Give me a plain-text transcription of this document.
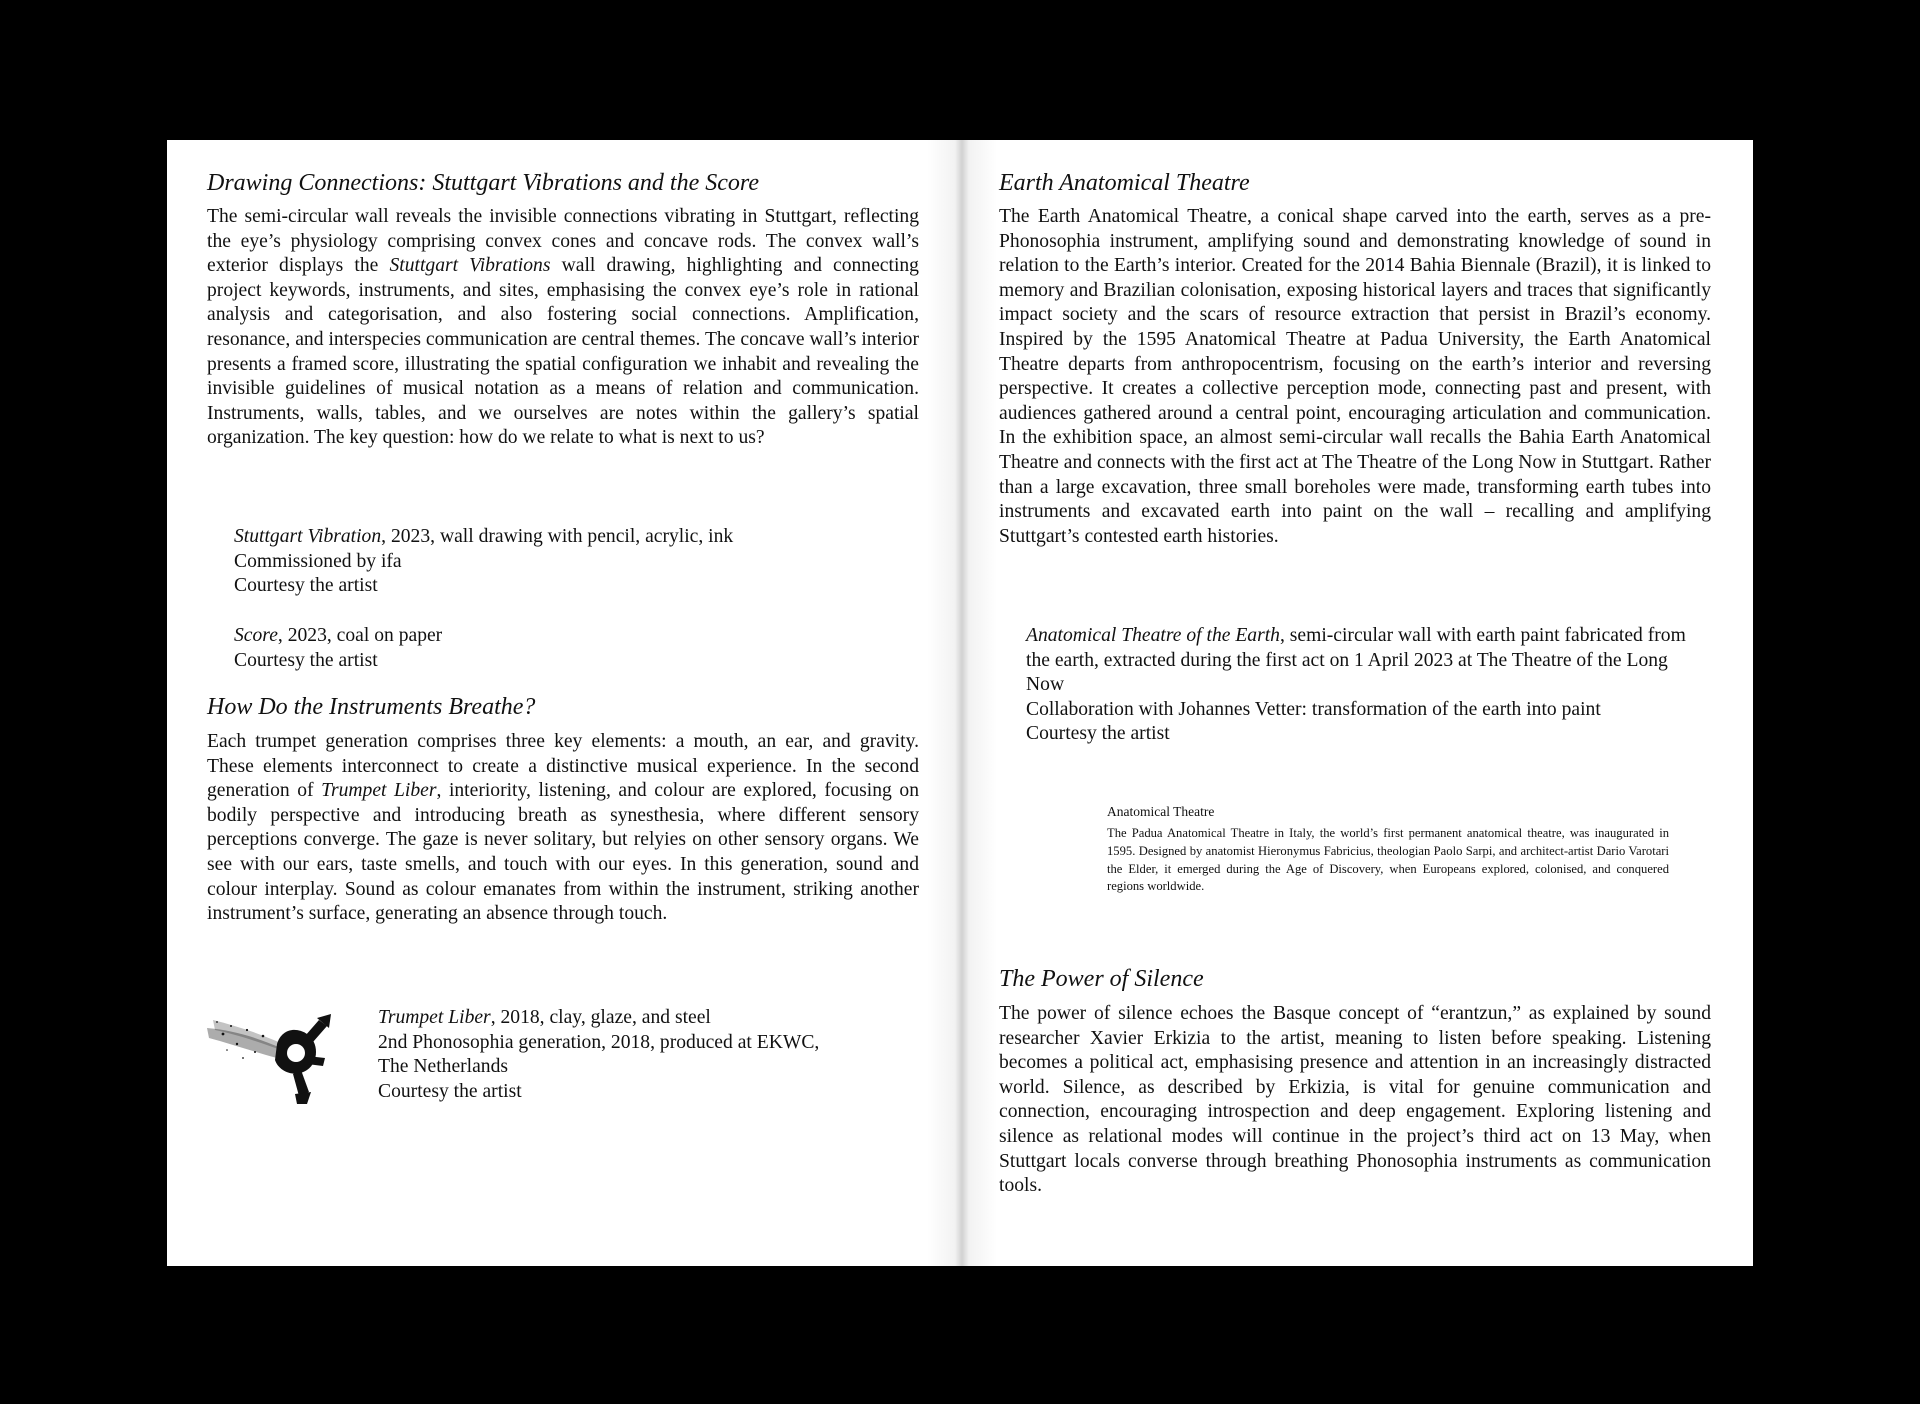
Drawing Connections: Stuttgart Vibrations and the Score

The semi-circular wall reveals the invisible connections vibrating in Stuttgart, reflecting the eye’s physiology comprising convex cones and concave rods. The convex wall’s exterior displays the Stuttgart Vibrations wall drawing, highlighting and connecting project keywords, instruments, and sites, emphasising the convex eye’s role in rational analysis and categorisation, and also fostering social connections. Amplification, resonance, and interspecies communication are central themes. The concave wall’s interior presents a framed score, illustrating the spatial configuration we inhabit and revealing the invisible guidelines of musical notation as a means of relation and communication. Instruments, walls, tables, and we ourselves are notes within the gallery’s spatial organization. The key question: how do we relate to what is next to us?

Stuttgart Vibration, 2023, wall drawing with pencil, acrylic, ink
Commissioned by ifa
Courtesy the artist
Score, 2023, coal on paper
Courtesy the artist
How Do the Instruments Breathe?

Each trumpet generation comprises three key elements: a mouth, an ear, and gravity. These elements interconnect to create a distinctive musical experience. In the second generation of Trumpet Liber, interiority, listening, and colour are explored, focusing on bodily perspective and introducing breath as synesthesia, where different sensory perceptions converge. The gaze is never solitary, but relyies on other sensory organs. We see with our ears, taste smells, and touch with our eyes. In this generation, sound and colour interplay. Sound as colour emanates from within the instrument, striking another instrument’s surface, generating an absence through touch.

Trumpet Liber, 2018, clay, glaze, and steel
2nd Phonosophia generation, 2018, produced at EKWC,
The Netherlands
Courtesy the artist
Earth Anatomical Theatre

The Earth Anatomical Theatre, a conical shape carved into the earth, serves as a pre-Phonosophia instrument, amplifying sound and demonstrating knowledge of sound in relation to the Earth’s interior. Created for the 2014 Bahia Biennale (Brazil), it is linked to memory and Brazilian colonisation, exposing historical layers and traces that significantly impact society and the scars of resource extraction that persist in Brazil’s economy. Inspired by the 1595 Anatomical Theatre at Padua University, the Earth Anatomical Theatre departs from anthropocentrism, focusing on the earth’s interior and reversing perspective. It creates a collective perception mode, connecting past and present, with audiences gathered around a central point, encouraging articulation and communication. In the exhibition space, an almost semi-circular wall recalls the Bahia Earth Anatomical Theatre and connects with the first act at The Theatre of the Long Now in Stuttgart. Rather than a large excavation, three small boreholes were made, transforming earth tubes into instruments and excavated earth into paint on the wall – recalling and amplifying Stuttgart’s contested earth histories.

Anatomical Theatre of the Earth, semi-circular wall with earth paint fabricated from the earth, extracted during the first act on 1 April 2023 at The Theatre of the Long Now
Collaboration with Johannes Vetter: transformation of the earth into paint
Courtesy the artist
Anatomical Theatre
The Padua Anatomical Theatre in Italy, the world’s first permanent anatomical theatre, was inaugurated in 1595. Designed by anatomist Hieronymus Fabricius, theologian Paolo Sarpi, and architect-artist Dario Varotari the Elder, it emerged during the Age of Discovery, when Europeans explored, colonised, and conquered regions worldwide.
The Power of Silence

The power of silence echoes the Basque concept of “erantzun,” as explained by sound researcher Xavier Erkizia to the artist, meaning to listen before speaking. Listening becomes a political act, emphasising presence and attention in an increasingly distracted world. Silence, as described by Erkizia, is vital for genuine communication and connection, encouraging introspection and deep engagement. Exploring listening and silence as relational modes will continue in the project’s third act on 13 May, when Stuttgart locals converse through breathing Phonosophia instruments as communication tools.
